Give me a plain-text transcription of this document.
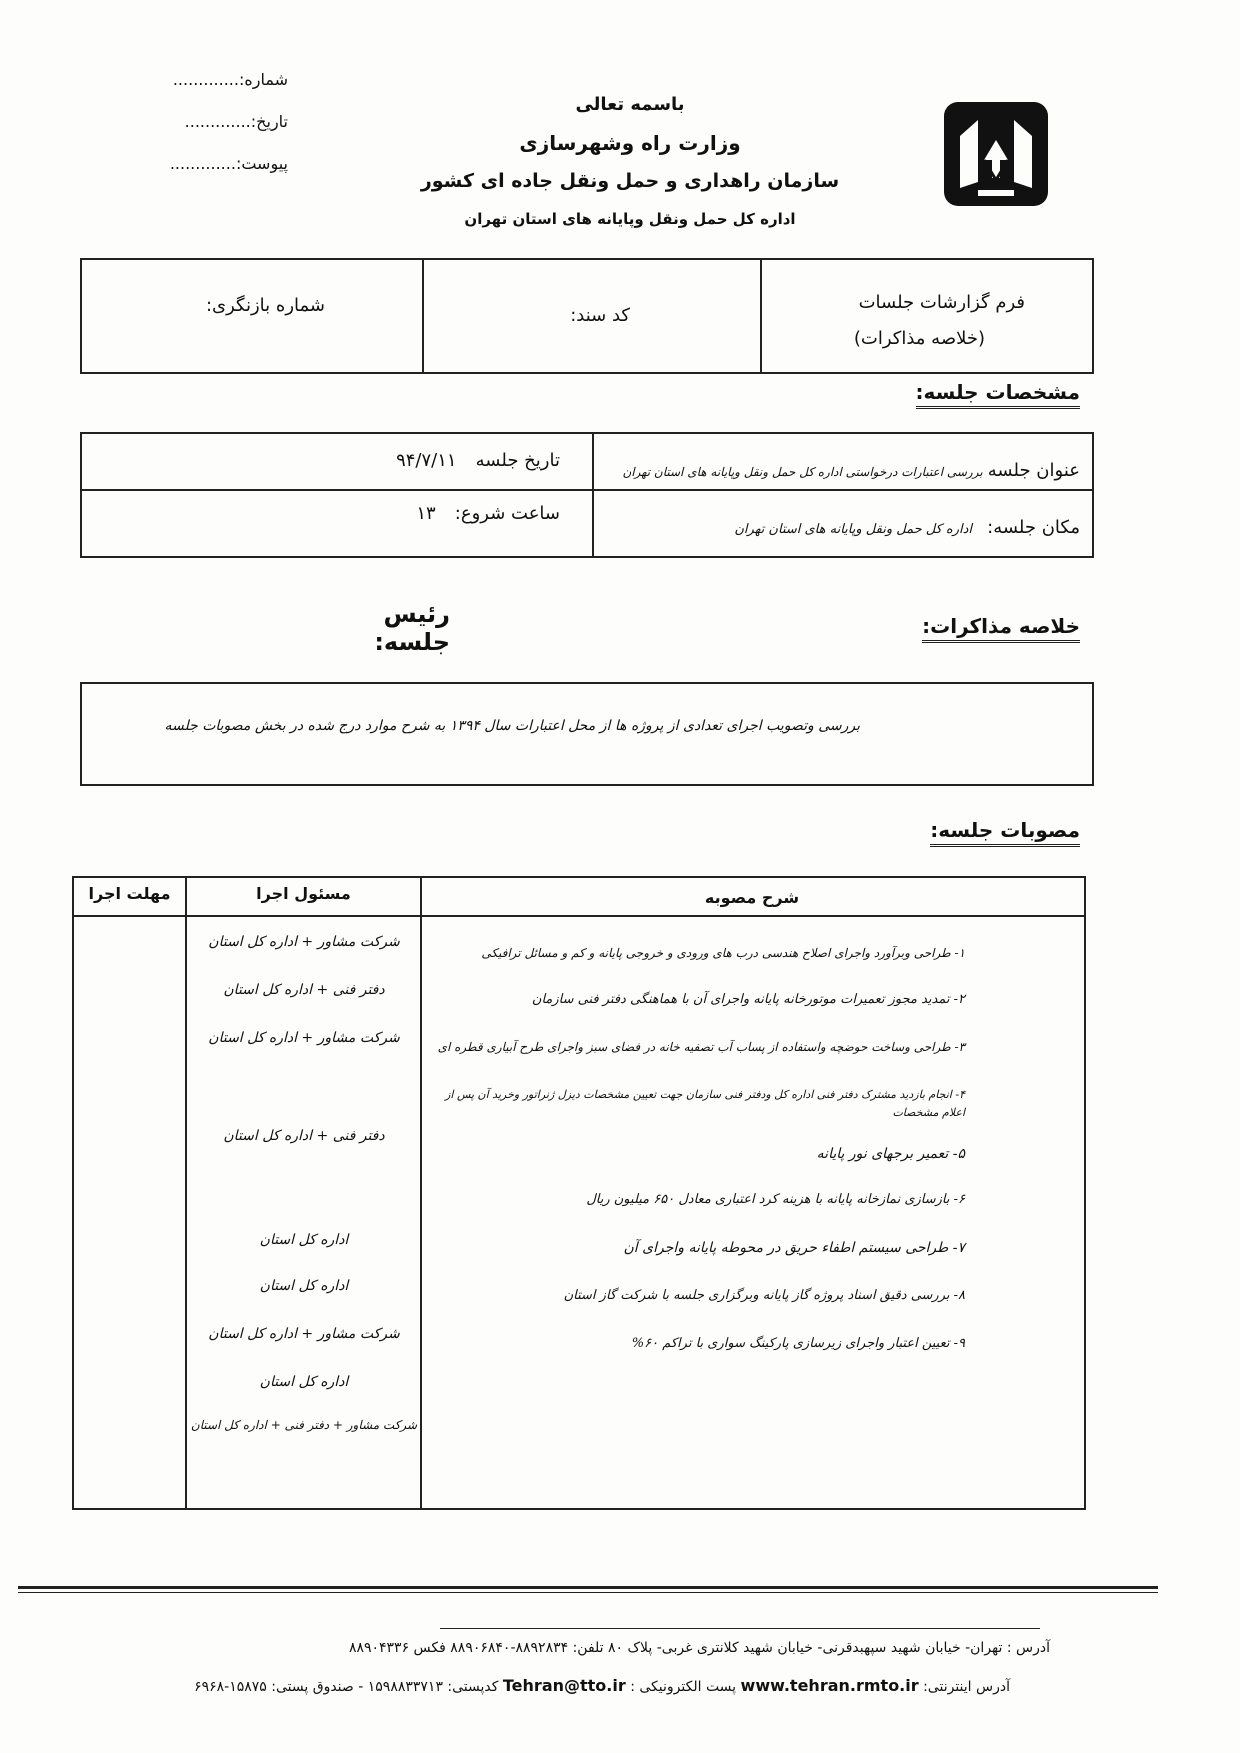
باسمه تعالی
وزارت راه وشهرسازی
سازمان راهداری و حمل ونقل جاده ای کشور
اداره کل حمل ونقل وپایانه های استان تهران
شماره:.............
تاریخ:.............
پیوست:.............
فرم گزارشات جلسات
(خلاصه مذاکرات)
کد سند:
شماره بازنگری:
مشخصات جلسه:
عنوان جلسه بررسی اعتبارات درخواستی اداره کل حمل ونقل وپایانه های استان تهران
تاریخ جلسه ۹۴/۷/۱۱
مکان جلسه: اداره کل حمل ونقل وپایانه های استان تهران
ساعت شروع: ۱۳
خلاصه مذاکرات:
رئیس جلسه:
بررسی وتصویب اجرای تعدادی از پروژه ها از محل اعتبارات سال ۱۳۹۴ به شرح موارد درج شده در بخش مصوبات جلسه
مصوبات جلسه:
شرح مصوبه
مسئول اجرا
مهلت اجرا
۱- طراحی وبرآورد واجرای اصلاح هندسی درب های ورودی و خروجی پایانه و کم و مسائل ترافیکی
۲- تمدید مجوز تعمیرات موتورخانه پایانه واجرای آن با هماهنگی دفتر فنی سازمان
۳- طراحی وساخت حوضچه واستفاده از پساب آب تصفیه خانه در فضای سبز واجرای طرح آبیاری قطره ای
۴- انجام بازدید مشترک دفتر فنی اداره کل ودفتر فنی سازمان جهت تعیین مشخصات دیزل ژنراتور وخرید آن پس از اعلام مشخصات
۵- تعمیر برجهای نور پایانه
۶- بازسازی نمازخانه پایانه با هزینه کرد اعتباری معادل ۶۵۰ میلیون ریال
۷- طراحی سیستم اطفاء حریق در محوطه پایانه واجرای آن
۸- بررسی دقیق اسناد پروژه گاز پایانه وبرگزاری جلسه با شرکت گاز استان
۹- تعیین اعتبار واجرای زیرسازی پارکینگ سواری با تراکم ۶۰%
شرکت مشاور + اداره کل استان
دفتر فنی + اداره کل استان
شرکت مشاور + اداره کل استان
دفتر فنی + اداره کل استان
اداره کل استان
اداره کل استان
شرکت مشاور + اداره کل استان
اداره کل استان
شرکت مشاور + دفتر فنی + اداره کل استان
آدرس : تهران- خیابان شهید سپهبدقرنی- خیابان شهید کلانتری غربی- پلاک ۸۰ تلفن: ۸۸۹۲۸۳۴-۸۸۹۰۶۸۴۰ فکس ۸۸۹۰۴۳۳۶
آدرس اینترنتی: www.tehran.rmto.ir پست الکترونیکی : Tehran@tto.ir کدپستی: ۱۵۹۸۸۳۳۷۱۳ - صندوق پستی: ۱۵۸۷۵-۶۹۶۸
